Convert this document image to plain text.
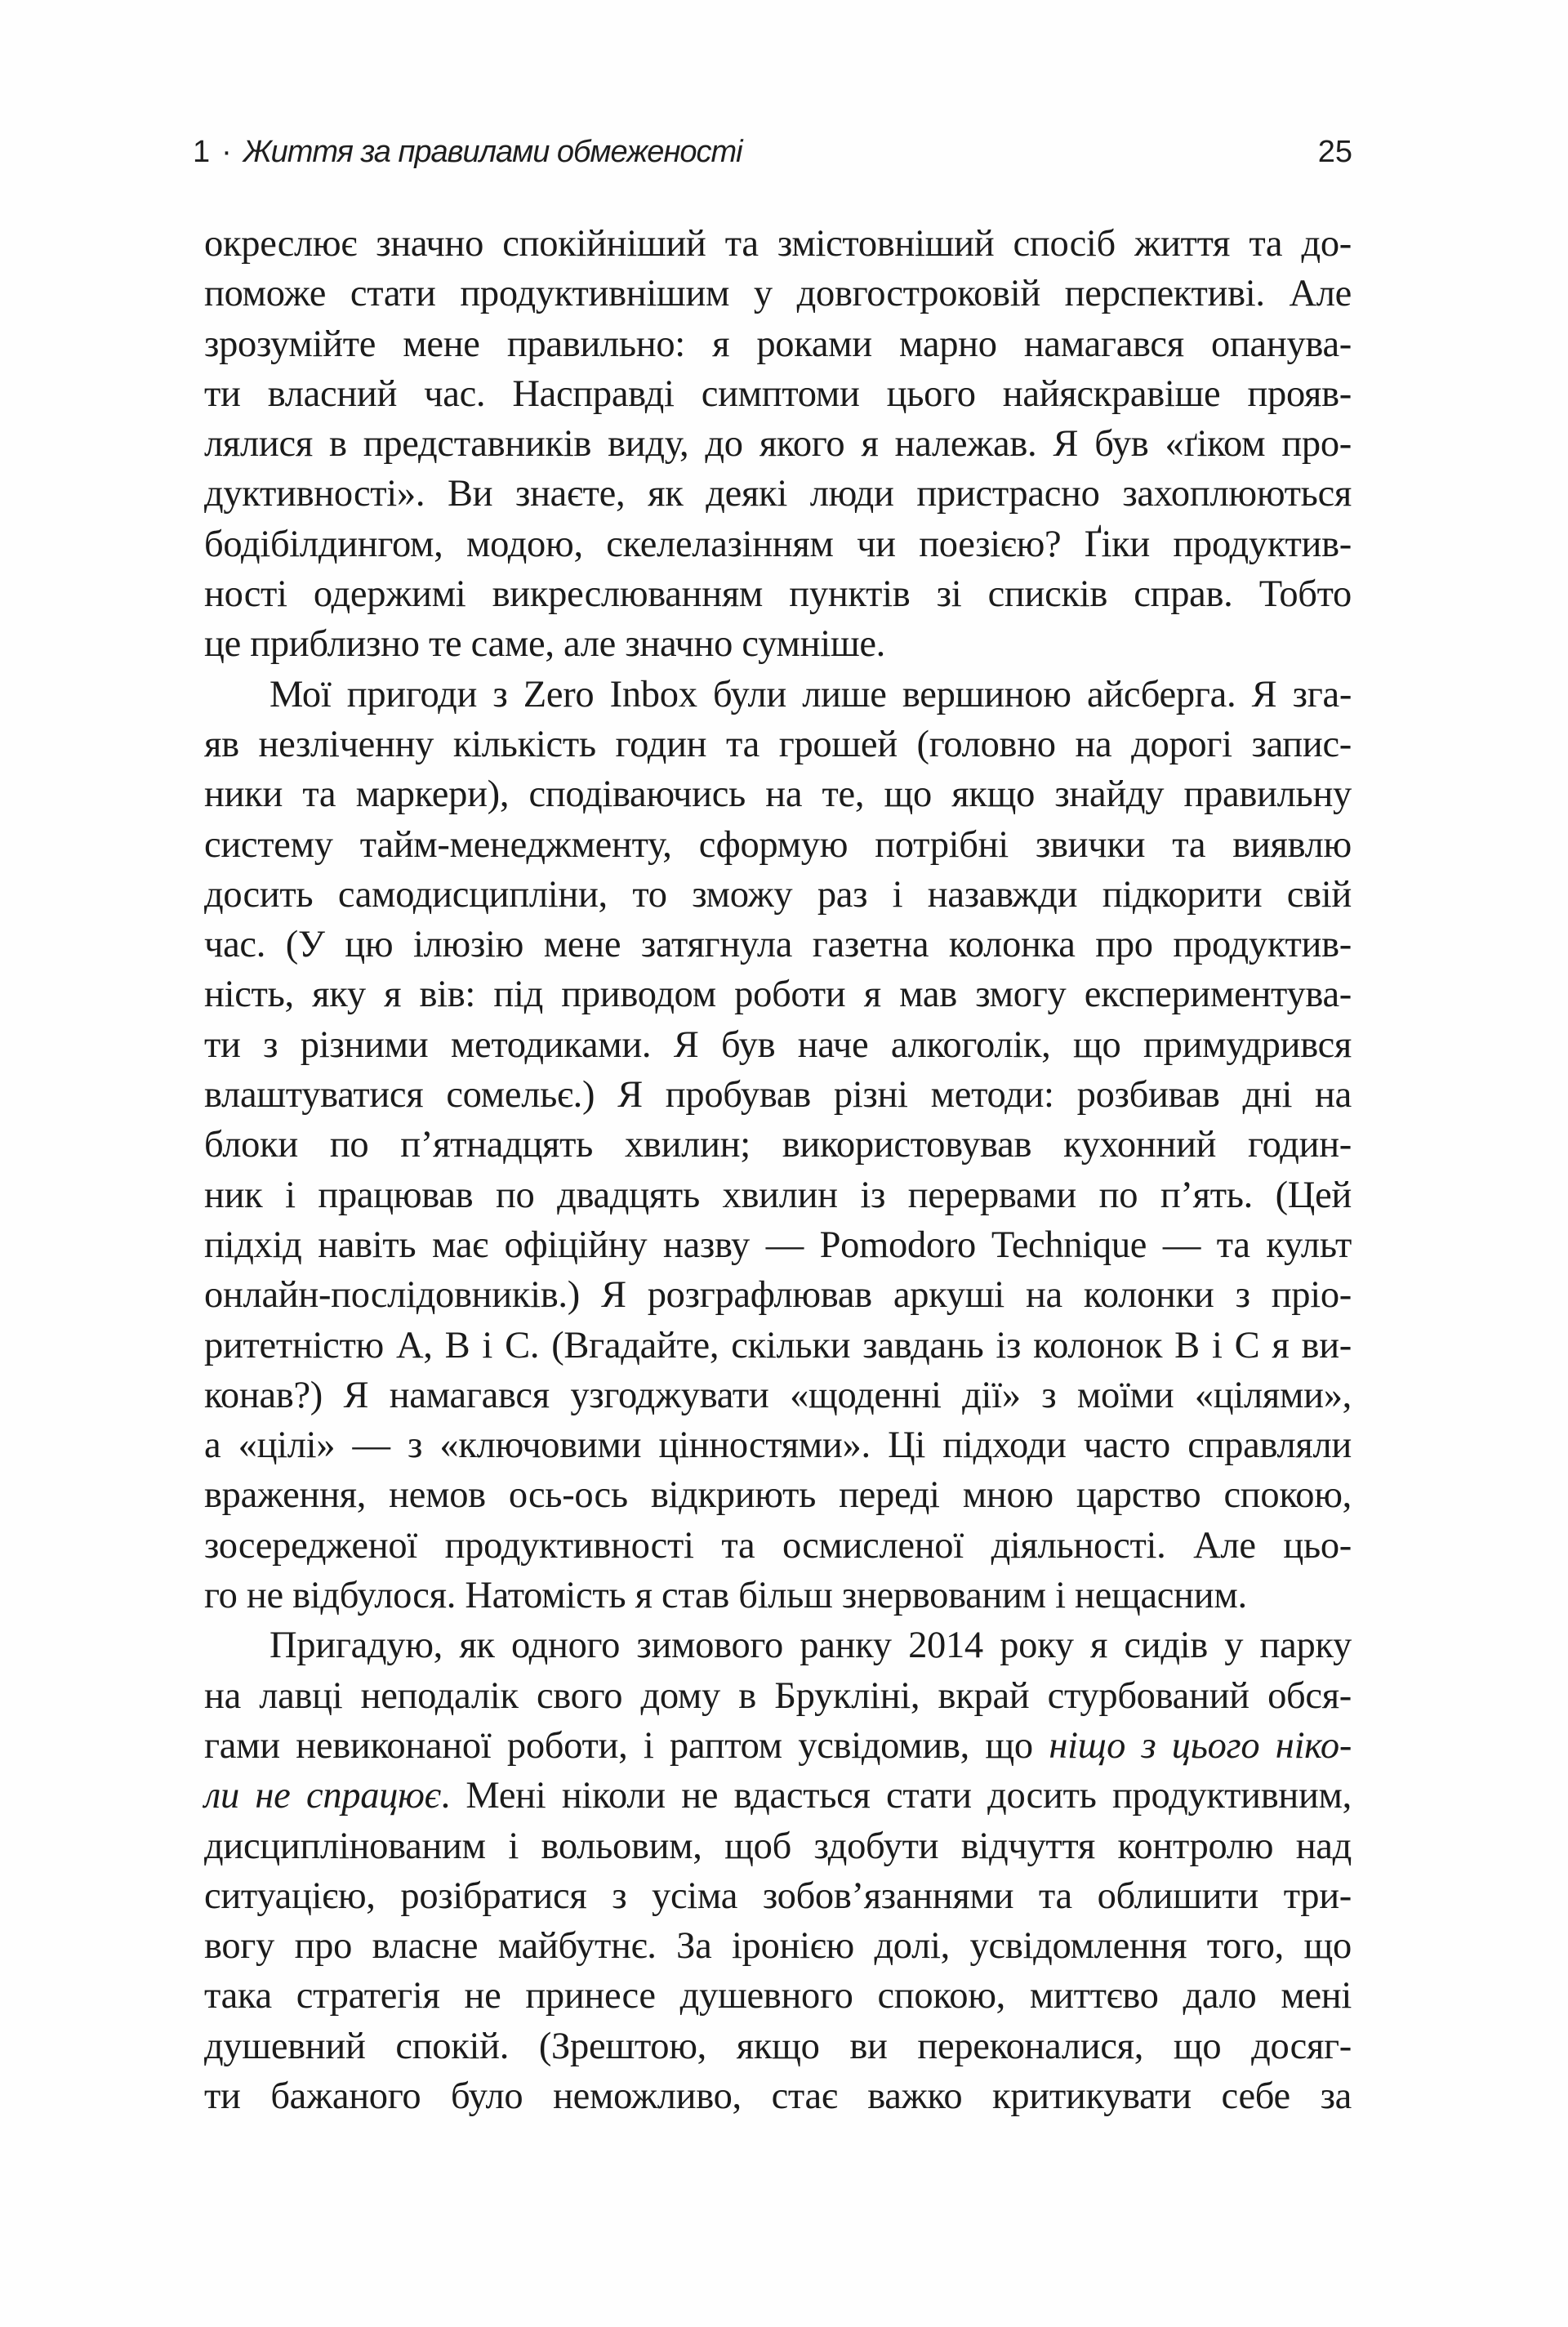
1 · Життя за правилами обмеженості	25
окреслює значно спокійніший та змістовніший спосіб життя та до-
поможе стати продуктивнішим у довгостроковій перспективі. Але
зрозумійте мене правильно: я роками марно намагався опанува-
ти власний час. Насправді симптоми цього найяскравіше прояв-
лялися в представників виду, до якого я належав. Я був «ґіком про-
дуктивності». Ви знаєте, як деякі люди пристрасно захоплюються
бодібілдингом, модою, скелелазінням чи поезією? Ґіки продуктив-
ності одержимі викреслюванням пунктів зі списків справ. Тобто
це приблизно те саме, але значно сумніше.
Мої пригоди з Zero Inbox були лише вершиною айсберга. Я зга-
яв незліченну кількість годин та грошей (головно на дорогі запис-
ники та маркери), сподіваючись на те, що якщо знайду правильну
систему тайм-менеджменту, сформую потрібні звички та виявлю
досить самодисципліни, то зможу раз і назавжди підкорити свій
час. (У цю ілюзію мене затягнула газетна колонка про продуктив-
ність, яку я вів: під приводом роботи я мав змогу експериментува-
ти з різними методиками. Я був наче алкоголік, що примудрився
влаштуватися сомельє.) Я пробував різні методи: розбивав дні на
блоки по п’ятнадцять хвилин; використовував кухонний годин-
ник і працював по двадцять хвилин із перервами по п’ять. (Цей
підхід навіть має офіційну назву — Pomodoro Technique — та культ
онлайн-послідовників.) Я розграфлював аркуші на колонки з пріо-
ритетністю A, B і C. (Вгадайте, скільки завдань із колонок B і C я ви-
конав?) Я намагався узгоджувати «щоденні дії» з моїми «цілями»,
а «цілі» — з «ключовими цінностями». Ці підходи часто справляли
враження, немов ось-ось відкриють переді мною царство спокою,
зосередженої продуктивності та осмисленої діяльності. Але цьо-
го не відбулося. Натомість я став більш знервованим і нещасним.
Пригадую, як одного зимового ранку 2014 року я сидів у парку
на лавці неподалік свого дому в Брукліні, вкрай стурбований обся-
гами невиконаної роботи, і раптом усвідомив, що ніщо з цього ніко-
ли не спрацює. Мені ніколи не вдасться стати досить продуктивним,
дисциплінованим і вольовим, щоб здобути відчуття контролю над
ситуацією, розібратися з усіма зобов’язаннями та облишити три-
вогу про власне майбутнє. За іронією долі, усвідомлення того, що
така стратегія не принесе душевного спокою, миттєво дало мені
душевний спокій. (Зрештою, якщо ви переконалися, що досяг-
ти бажаного було неможливо, стає важко критикувати себе за
